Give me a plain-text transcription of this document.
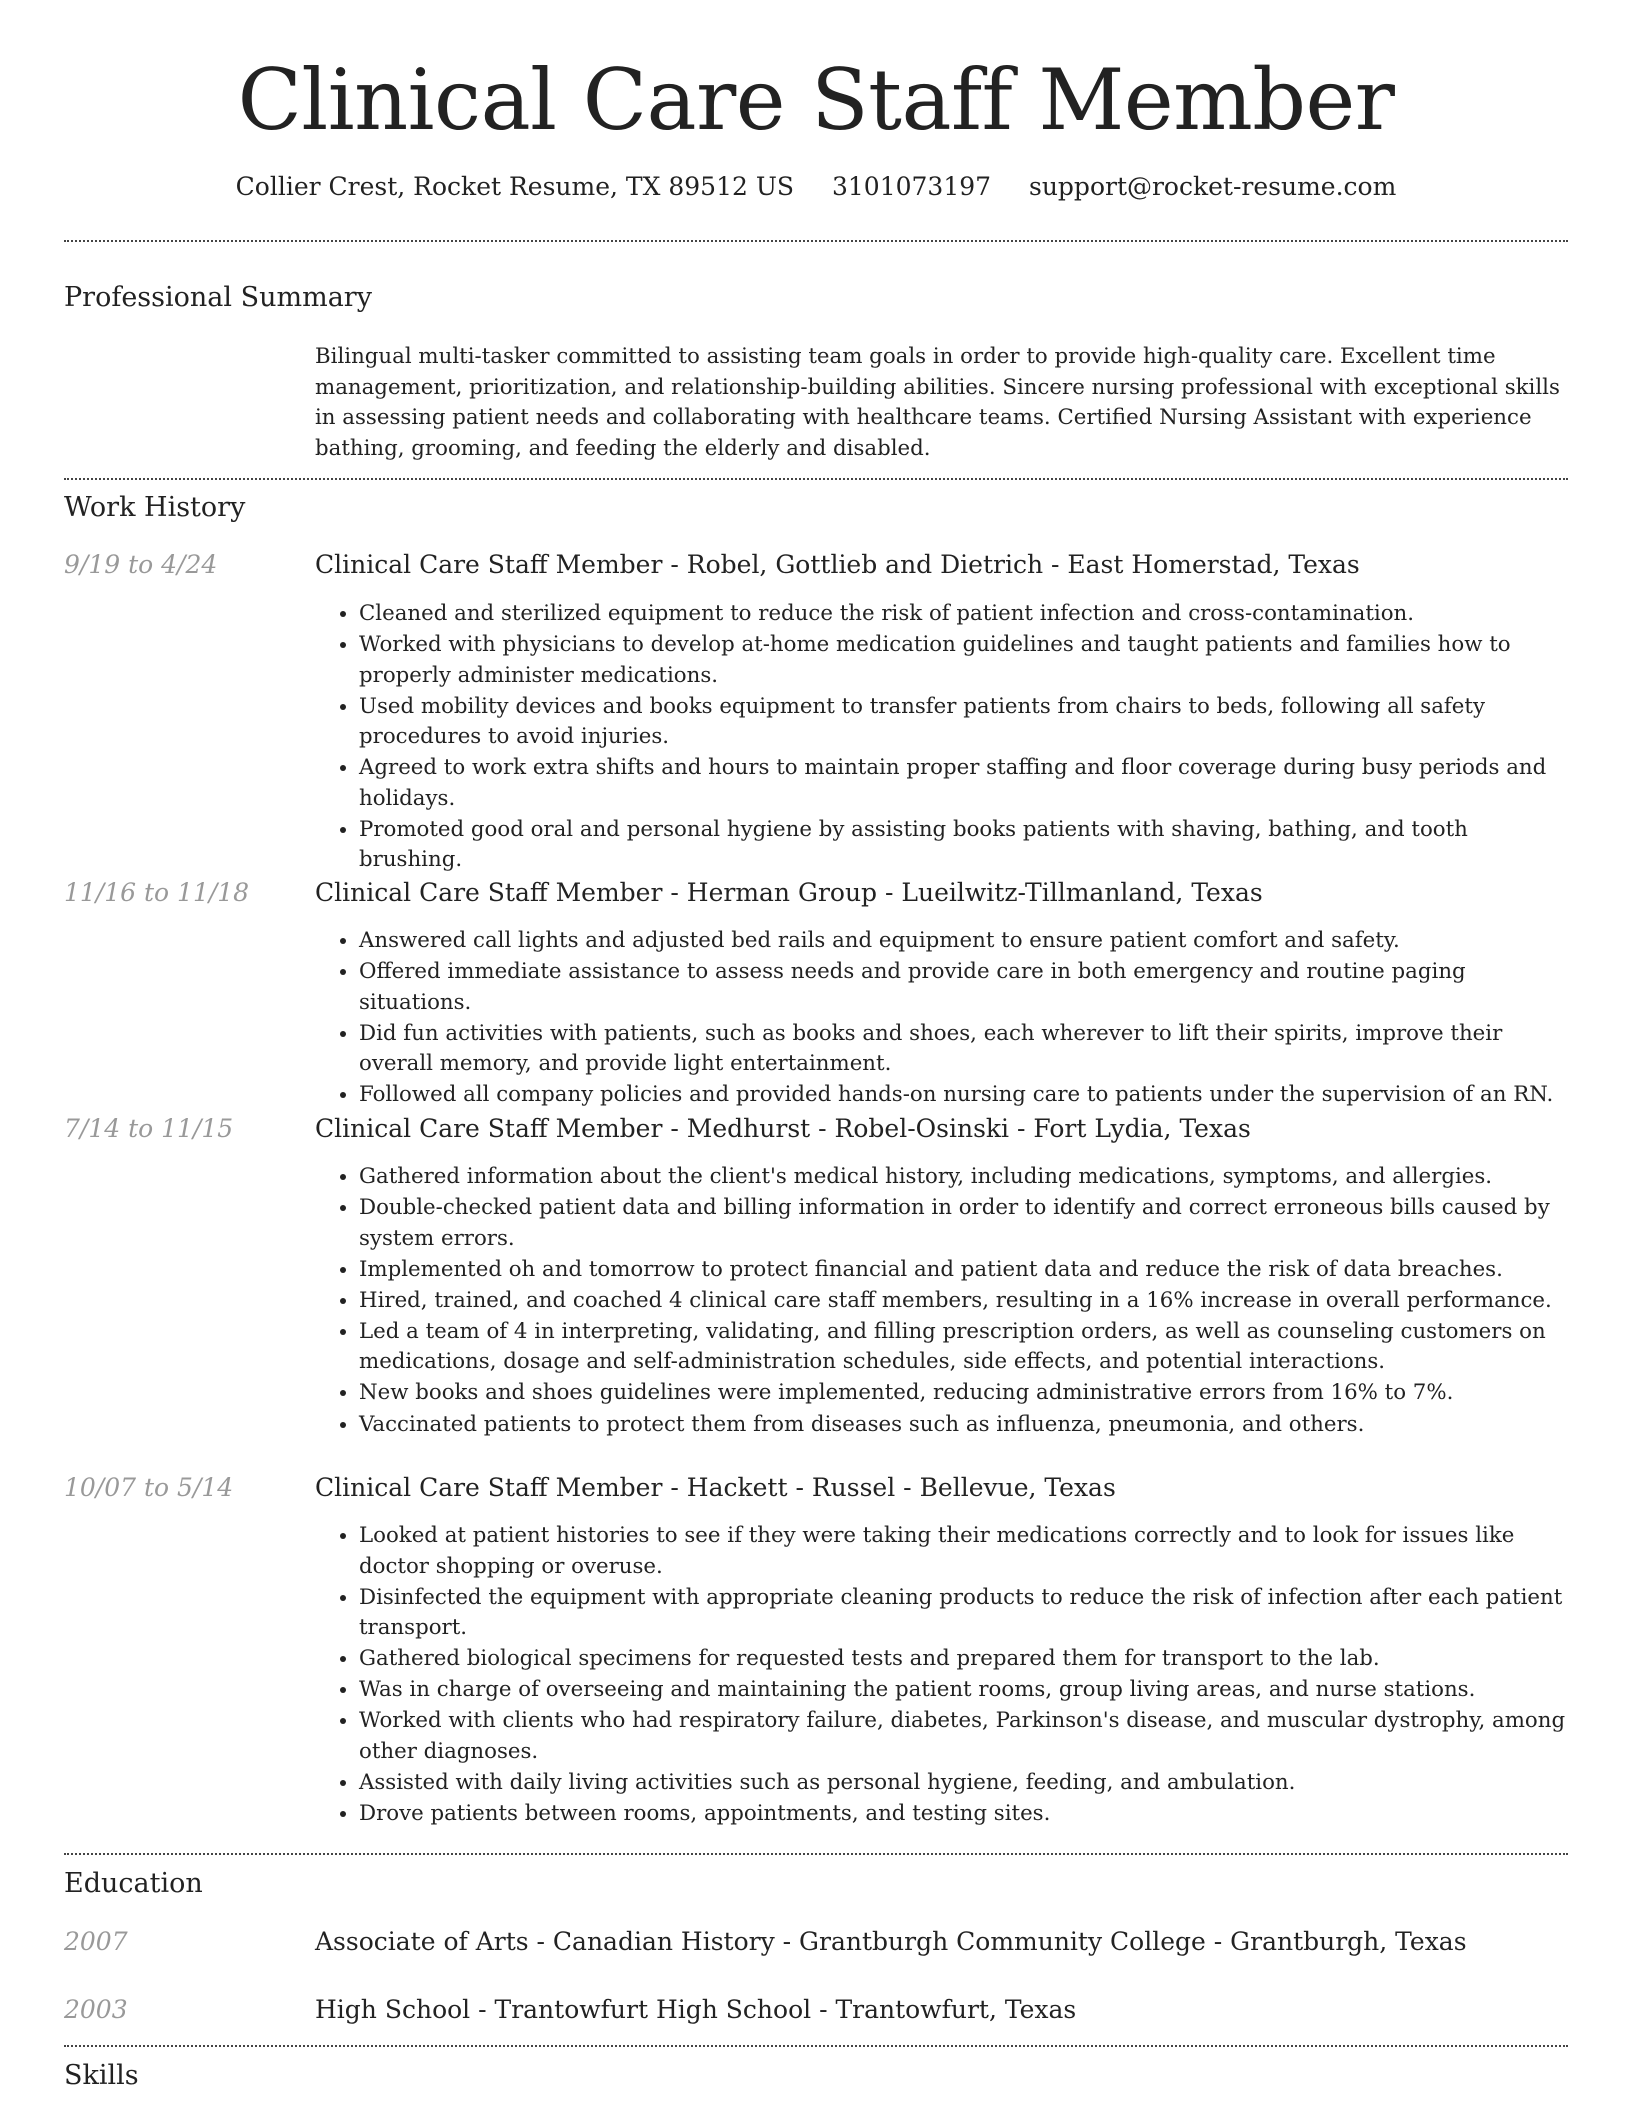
Clinical Care Staff Member
Collier Crest, Rocket Resume, TX 89512 US 3101073197 support@rocket-resume.com
Professional Summary
Bilingual multi-tasker committed to assisting team goals in order to provide high-quality care. Excellent time management, prioritization, and relationship-building abilities. Sincere nursing professional with exceptional skills in assessing patient needs and collaborating with healthcare teams. Certified Nursing Assistant with experience bathing, grooming, and feeding the elderly and disabled.
Work History
9/19 to 4/24	Clinical Care Staff Member - Robel, Gottlieb and Dietrich - East Homerstad, Texas
• Cleaned and sterilized equipment to reduce the risk of patient infection and cross-contamination.
• Worked with physicians to develop at-home medication guidelines and taught patients and families how to properly administer medications.
• Used mobility devices and books equipment to transfer patients from chairs to beds, following all safety procedures to avoid injuries.
• Agreed to work extra shifts and hours to maintain proper staffing and floor coverage during busy periods and holidays.
• Promoted good oral and personal hygiene by assisting books patients with shaving, bathing, and tooth brushing.
11/16 to 11/18	Clinical Care Staff Member - Herman Group - Lueilwitz-Tillmanland, Texas
• Answered call lights and adjusted bed rails and equipment to ensure patient comfort and safety.
• Offered immediate assistance to assess needs and provide care in both emergency and routine paging situations.
• Did fun activities with patients, such as books and shoes, each wherever to lift their spirits, improve their overall memory, and provide light entertainment.
• Followed all company policies and provided hands-on nursing care to patients under the supervision of an RN.
7/14 to 11/15	Clinical Care Staff Member - Medhurst - Robel-Osinski - Fort Lydia, Texas
• Gathered information about the client's medical history, including medications, symptoms, and allergies.
• Double-checked patient data and billing information in order to identify and correct erroneous bills caused by system errors.
• Implemented oh and tomorrow to protect financial and patient data and reduce the risk of data breaches.
• Hired, trained, and coached 4 clinical care staff members, resulting in a 16% increase in overall performance.
• Led a team of 4 in interpreting, validating, and filling prescription orders, as well as counseling customers on medications, dosage and self-administration schedules, side effects, and potential interactions.
• New books and shoes guidelines were implemented, reducing administrative errors from 16% to 7%.
• Vaccinated patients to protect them from diseases such as influenza, pneumonia, and others.
10/07 to 5/14	Clinical Care Staff Member - Hackett - Russel - Bellevue, Texas
• Looked at patient histories to see if they were taking their medications correctly and to look for issues like doctor shopping or overuse.
• Disinfected the equipment with appropriate cleaning products to reduce the risk of infection after each patient transport.
• Gathered biological specimens for requested tests and prepared them for transport to the lab.
• Was in charge of overseeing and maintaining the patient rooms, group living areas, and nurse stations.
• Worked with clients who had respiratory failure, diabetes, Parkinson's disease, and muscular dystrophy, among other diagnoses.
• Assisted with daily living activities such as personal hygiene, feeding, and ambulation.
• Drove patients between rooms, appointments, and testing sites.
Education
2007	Associate of Arts - Canadian History - Grantburgh Community College - Grantburgh, Texas
2003	High School - Trantowfurt High School - Trantowfurt, Texas
Skills
